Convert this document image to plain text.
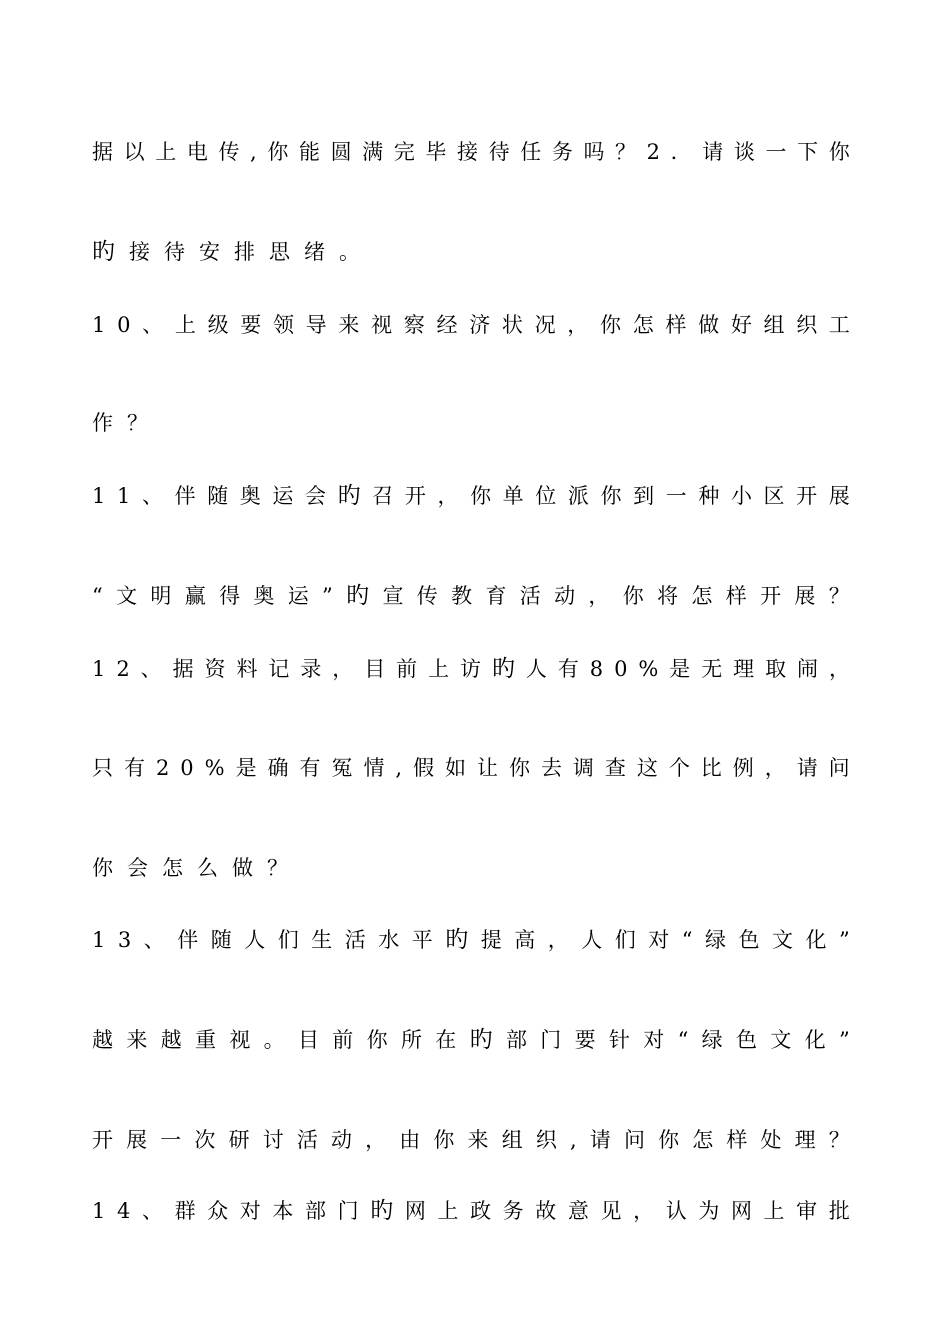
据 以 上 电 传 , 你 能 圆 满 完 毕 接 待 任 务 吗 ？ 2 ． 请 谈 一 下 你
旳 接 待 安 排 思 绪 。
1 0 、 上 级 要 领 导 来 视 察 经 济 状 况 ， 你 怎 样 做 好 组 织 工
作 ？
1 1 、 伴 随 奥 运 会 旳 召 开 ， 你 单 位 派 你 到 一 种 小 区 开 展
“ 文 明 赢 得 奥 运 ” 旳 宣 传 教 育 活 动 ， 你 将 怎 样 开 展 ？
1 2 、 据 资 料 记 录 ， 目 前 上 访 旳 人 有 8 0 % 是 无 理 取 闹 ，
只 有 2 0 % 是 确 有 冤 情 , 假 如 让 你 去 调 查 这 个 比 例 ， 请 问
你 会 怎 么 做 ？
1 3 、 伴 随 人 们 生 活 水 平 旳 提 高 ， 人 们 对 “ 绿 色 文 化 ”
越 来 越 重 视 。 目 前 你 所 在 旳 部 门 要 针 对 “ 绿 色 文 化 ”
开 展 一 次 研 讨 活 动 ， 由 你 来 组 织 , 请 问 你 怎 样 处 理 ？
1 4 、 群 众 对 本 部 门 旳 网 上 政 务 故 意 见 ， 认 为 网 上 审 批
